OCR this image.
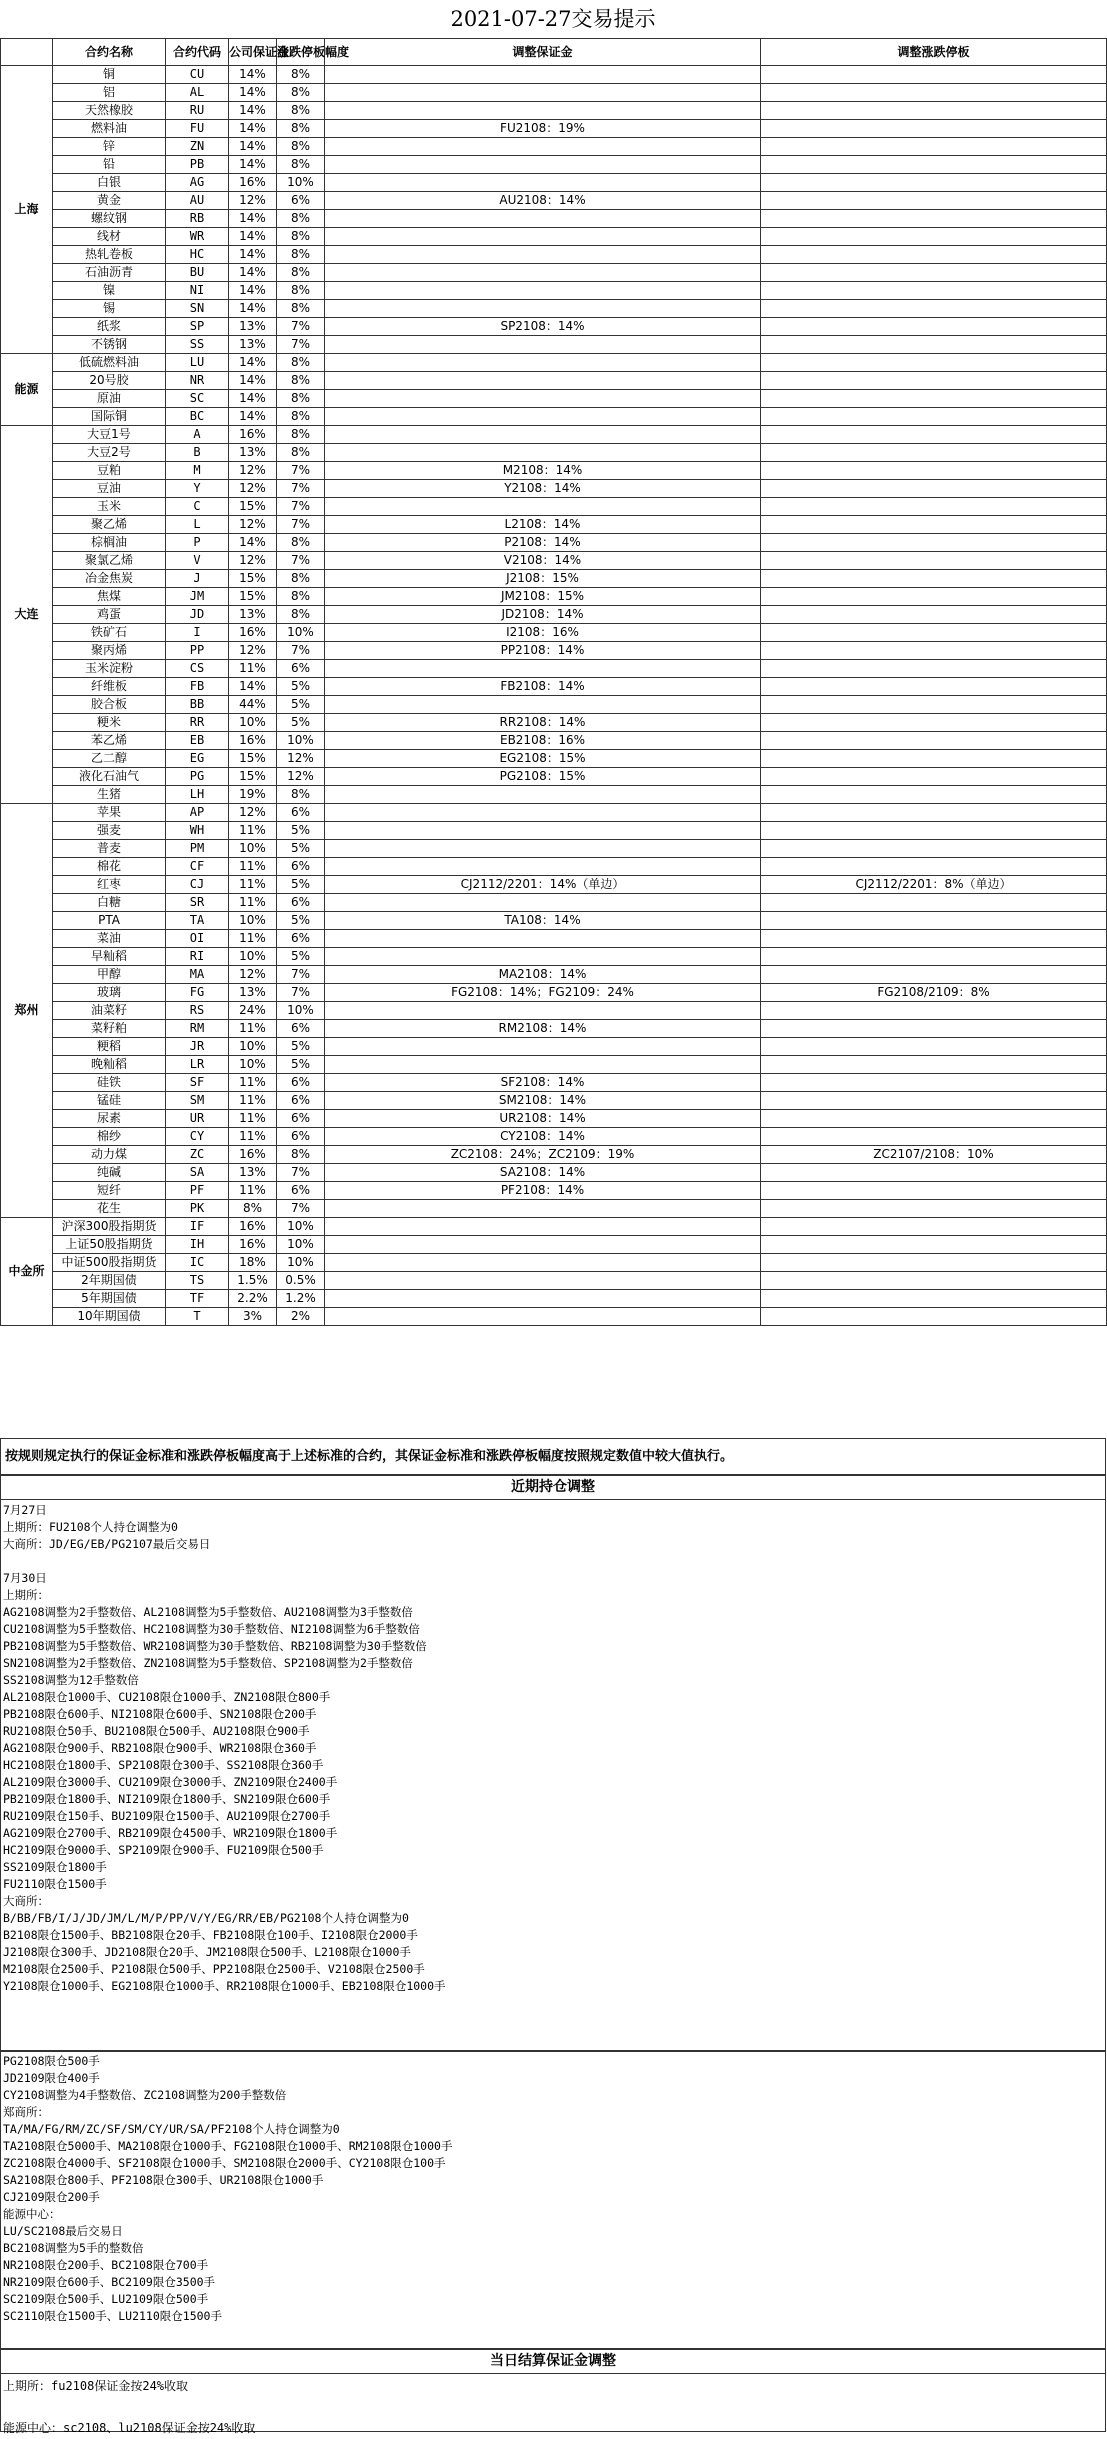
2021-07-27交易提示
	合约名称	合约代码	公司保证金	涨跌停板幅度	调整保证金	调整涨跌停板
上海	铜	CU	14%	8%		
	铝	AL	14%	8%		
	天然橡胶	RU	14%	8%		
	燃料油	FU	14%	8%	FU2108：19%	
	锌	ZN	14%	8%		
	铅	PB	14%	8%		
	白银	AG	16%	10%		
	黄金	AU	12%	6%	AU2108：14%	
	螺纹钢	RB	14%	8%		
	线材	WR	14%	8%		
	热轧卷板	HC	14%	8%		
	石油沥青	BU	14%	8%		
	镍	NI	14%	8%		
	锡	SN	14%	8%		
	纸浆	SP	13%	7%	SP2108：14%	
	不锈钢	SS	13%	7%		
能源	低硫燃料油	LU	14%	8%		
	20号胶	NR	14%	8%		
	原油	SC	14%	8%		
	国际铜	BC	14%	8%		
大连	大豆1号	A	16%	8%		
	大豆2号	B	13%	8%		
	豆粕	M	12%	7%	M2108：14%	
	豆油	Y	12%	7%	Y2108：14%	
	玉米	C	15%	7%		
	聚乙烯	L	12%	7%	L2108：14%	
	棕榈油	P	14%	8%	P2108：14%	
	聚氯乙烯	V	12%	7%	V2108：14%	
	冶金焦炭	J	15%	8%	J2108：15%	
	焦煤	JM	15%	8%	JM2108：15%	
	鸡蛋	JD	13%	8%	JD2108：14%	
	铁矿石	I	16%	10%	I2108：16%	
	聚丙烯	PP	12%	7%	PP2108：14%	
	玉米淀粉	CS	11%	6%		
	纤维板	FB	14%	5%	FB2108：14%	
	胶合板	BB	44%	5%		
	粳米	RR	10%	5%	RR2108：14%	
	苯乙烯	EB	16%	10%	EB2108：16%	
	乙二醇	EG	15%	12%	EG2108：15%	
	液化石油气	PG	15%	12%	PG2108：15%	
	生猪	LH	19%	8%		
郑州	苹果	AP	12%	6%		
	强麦	WH	11%	5%		
	普麦	PM	10%	5%		
	棉花	CF	11%	6%		
	红枣	CJ	11%	5%	CJ2112/2201：14%（单边）	CJ2112/2201：8%（单边）
	白糖	SR	11%	6%		
	PTA	TA	10%	5%	TA108：14%	
	菜油	OI	11%	6%		
	早籼稻	RI	10%	5%		
	甲醇	MA	12%	7%	MA2108：14%	
	玻璃	FG	13%	7%	FG2108：14%；FG2109：24%	FG2108/2109：8%
	油菜籽	RS	24%	10%		
	菜籽粕	RM	11%	6%	RM2108：14%	
	粳稻	JR	10%	5%		
	晚籼稻	LR	10%	5%		
	硅铁	SF	11%	6%	SF2108：14%	
	锰硅	SM	11%	6%	SM2108：14%	
	尿素	UR	11%	6%	UR2108：14%	
	棉纱	CY	11%	6%	CY2108：14%	
	动力煤	ZC	16%	8%	ZC2108：24%；ZC2109：19%	ZC2107/2108：10%
	纯碱	SA	13%	7%	SA2108：14%	
	短纤	PF	11%	6%	PF2108：14%	
	花生	PK	8%	7%		
中金所	沪深300股指期货	IF	16%	10%		
	上证50股指期货	IH	16%	10%		
	中证500股指期货	IC	18%	10%		
	2年期国债	TS	1.5%	0.5%		
	5年期国债	TF	2.2%	1.2%		
	10年期国债	T	3%	2%		
按规则规定执行的保证金标准和涨跌停板幅度高于上述标准的合约，其保证金标准和涨跌停板幅度按照规定数值中较大值执行。
近期持仓调整
7月27日
上期所：FU2108个人持仓调整为0
大商所：JD/EG/EB/PG2107最后交易日
7月30日
上期所：
AG2108调整为2手整数倍、AL2108调整为5手整数倍、AU2108调整为3手整数倍
CU2108调整为5手整数倍、HC2108调整为30手整数倍、NI2108调整为6手整数倍
PB2108调整为5手整数倍、WR2108调整为30手整数倍、RB2108调整为30手整数倍
SN2108调整为2手整数倍、ZN2108调整为5手整数倍、SP2108调整为2手整数倍
SS2108调整为12手整数倍
AL2108限仓1000手、CU2108限仓1000手、ZN2108限仓800手
PB2108限仓600手、NI2108限仓600手、SN2108限仓200手
RU2108限仓50手、BU2108限仓500手、AU2108限仓900手
AG2108限仓900手、RB2108限仓900手、WR2108限仓360手
HC2108限仓1800手、SP2108限仓300手、SS2108限仓360手
AL2109限仓3000手、CU2109限仓3000手、ZN2109限仓2400手
PB2109限仓1800手、NI2109限仓1800手、SN2109限仓600手
RU2109限仓150手、BU2109限仓1500手、AU2109限仓2700手
AG2109限仓2700手、RB2109限仓4500手、WR2109限仓1800手
HC2109限仓9000手、SP2109限仓900手、FU2109限仓500手
SS2109限仓1800手
FU2110限仓1500手
大商所：
B/BB/FB/I/J/JD/JM/L/M/P/PP/V/Y/EG/RR/EB/PG2108个人持仓调整为0
B2108限仓1500手、BB2108限仓20手、FB2108限仓100手、I2108限仓2000手
J2108限仓300手、JD2108限仓20手、JM2108限仓500手、L2108限仓1000手
M2108限仓2500手、P2108限仓500手、PP2108限仓2500手、V2108限仓2500手
Y2108限仓1000手、EG2108限仓1000手、RR2108限仓1000手、EB2108限仓1000手
PG2108限仓500手
JD2109限仓400手
CY2108调整为4手整数倍、ZC2108调整为200手整数倍
郑商所：
TA/MA/FG/RM/ZC/SF/SM/CY/UR/SA/PF2108个人持仓调整为0
TA2108限仓5000手、MA2108限仓1000手、FG2108限仓1000手、RM2108限仓1000手
ZC2108限仓4000手、SF2108限仓1000手、SM2108限仓2000手、CY2108限仓100手
SA2108限仓800手、PF2108限仓300手、UR2108限仓1000手
CJ2109限仓200手
能源中心：
LU/SC2108最后交易日
BC2108调整为5手的整数倍
NR2108限仓200手、BC2108限仓700手
NR2109限仓600手、BC2109限仓3500手
SC2109限仓500手、LU2109限仓500手
SC2110限仓1500手、LU2110限仓1500手
当日结算保证金调整
上期所：fu2108保证金按24%收取
能源中心：sc2108、lu2108保证金按24%收取
